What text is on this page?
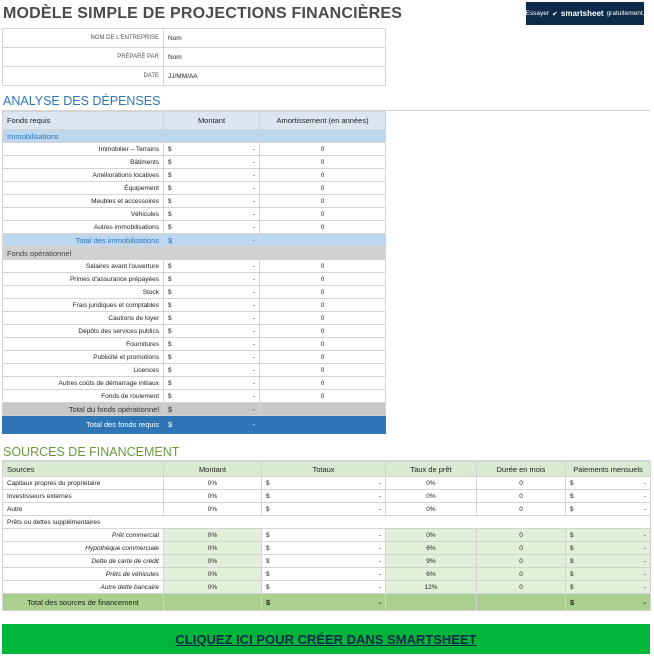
MODÈLE SIMPLE DE PROJECTIONS FINANCIÈRES	Essayer ✔ smartsheet gratuitement.
NOM DE L'ENTREPRISE	Nom
PRÉPARÉ PAR	Nom
DATE	JJ/MM/AA
ANALYSE DES DÉPENSES
Fonds requis	Montant	Amortissement (en années)
Immobilisations		
Immobilier – Terrains	$ -	0
Bâtiments	$ -	0
Améliorations locatives	$ -	0
Équipement	$ -	0
Meubles et accessoires	$ -	0
Véhicules	$ -	0
Autres immobilisations	$ -	0
Total des immobilisations	$ -	

Fonds opérationnel		
Salaires avant l'ouverture	$ -	0
Primes d'assurance prépayées	$ -	0
Stock	$ -	0
Frais juridiques et comptables	$ -	0
Cautions de loyer	$ -	0
Dépôts des services publics	$ -	0
Fournitures	$ -	0
Publicité et promotions	$ -	0
Licences	$ -	0
Autres coûts de démarrage initiaux	$ -	0
Fonds de roulement	$ -	0
Total du fonds opérationnel	$ -	

Total des fonds requis	$ -	

SOURCES DE FINANCEMENT
Sources	Montant	Totaux	Taux de prêt	Durée en mois	Paiements mensuels
Capitaux propres du propriétaire	0%	$ -	0%	0	$ -

Investisseurs externes	0%	$ -	0%	0	$ -

Autre	0%	$ -	0%	0	$ -

Prêts ou dettes supplémentaires					
Prêt commercial	0%	$ -	0%	0	$ -

Hypothèque commerciale	0%	$ -	6%	0	$ -

Dette de carte de crédit	0%	$ -	9%	0	$ -

Prêts de véhicules	0%	$ -	6%	0	$ -

Autre dette bancaire	0%	$ -	12%	0	$ -

Total des sources de financement		$ -			$ -
CLIQUEZ ICI POUR CRÉER DANS SMARTSHEET
